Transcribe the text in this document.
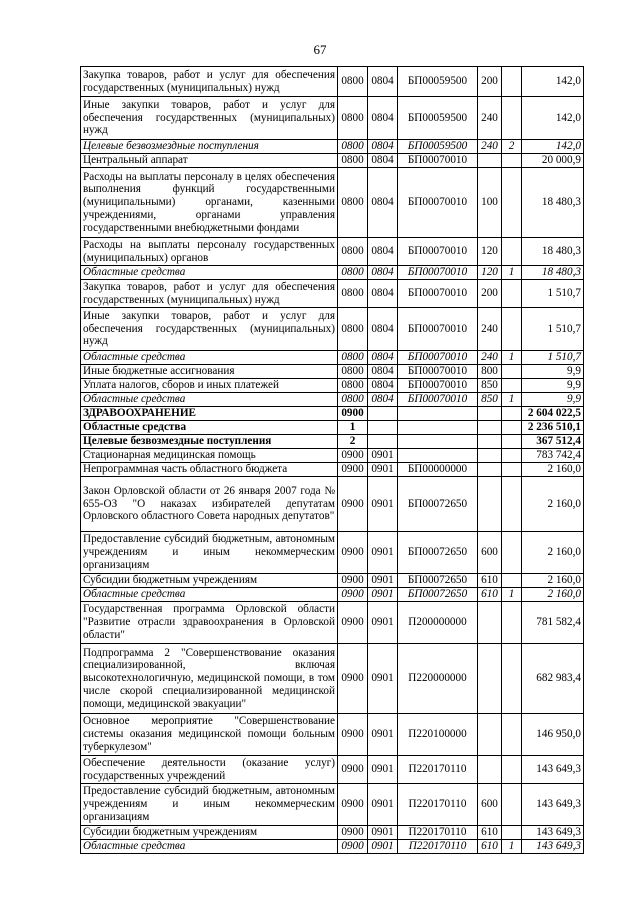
67
Закупка товаров, работ и услуг для обеспечения государственных (муниципальных) нужд	0800	0804	БП00059500	200		142,0
Иные закупки товаров, работ и услуг для обеспечения государственных (муниципальных) нужд	0800	0804	БП00059500	240		142,0
Целевые безвозмездные поступления	0800	0804	БП00059500	240	2	142,0
Центральный аппарат	0800	0804	БП00070010			20 000,9
Расходы на выплаты персоналу в целях обеспечения выполнения функций государственными (муниципальными) органами, казенными учреждениями, органами управления государственными внебюджетными фондами	0800	0804	БП00070010	100		18 480,3
Расходы на выплаты персоналу государственных (муниципальных) органов	0800	0804	БП00070010	120		18 480,3
Областные средства	0800	0804	БП00070010	120	1	18 480,3
Закупка товаров, работ и услуг для обеспечения государственных (муниципальных) нужд	0800	0804	БП00070010	200		1 510,7
Иные закупки товаров, работ и услуг для обеспечения государственных (муниципальных) нужд	0800	0804	БП00070010	240		1 510,7
Областные средства	0800	0804	БП00070010	240	1	1 510,7
Иные бюджетные ассигнования	0800	0804	БП00070010	800		9,9
Уплата налогов, сборов и иных платежей	0800	0804	БП00070010	850		9,9
Областные средства	0800	0804	БП00070010	850	1	9,9
ЗДРАВООХРАНЕНИЕ	0900					2 604 022,5
Областные средства	1					2 236 510,1
Целевые безвозмездные поступления	2					367 512,4
Стационарная медицинская помощь	0900	0901				783 742,4
Непрограммная часть областного бюджета	0900	0901	БП00000000			2 160,0
Закон Орловской области от 26 января 2007 года № 655-ОЗ "О наказах избирателей депутатам Орловского областного Совета народных депутатов"	0900	0901	БП00072650			2 160,0
Предоставление субсидий бюджетным, автономным учреждениям и иным некоммерческим организациям	0900	0901	БП00072650	600		2 160,0
Субсидии бюджетным учреждениям	0900	0901	БП00072650	610		2 160,0
Областные средства	0900	0901	БП00072650	610	1	2 160,0
Государственная программа Орловской области "Развитие отрасли здравоохранения в Орловской области"	0900	0901	П200000000			781 582,4
Подпрограмма 2 "Совершенствование оказания специализированной, включая высокотехнологичную, медицинской помощи, в том числе скорой специализированной медицинской помощи, медицинской эвакуации"	0900	0901	П220000000			682 983,4
Основное мероприятие "Совершенствование системы оказания медицинской помощи больным туберкулезом"	0900	0901	П220100000			146 950,0
Обеспечение деятельности (оказание услуг) государственных учреждений	0900	0901	П220170110			143 649,3
Предоставление субсидий бюджетным, автономным учреждениям и иным некоммерческим организациям	0900	0901	П220170110	600		143 649,3
Субсидии бюджетным учреждениям	0900	0901	П220170110	610		143 649,3
Областные средства	0900	0901	П220170110	610	1	143 649,3
